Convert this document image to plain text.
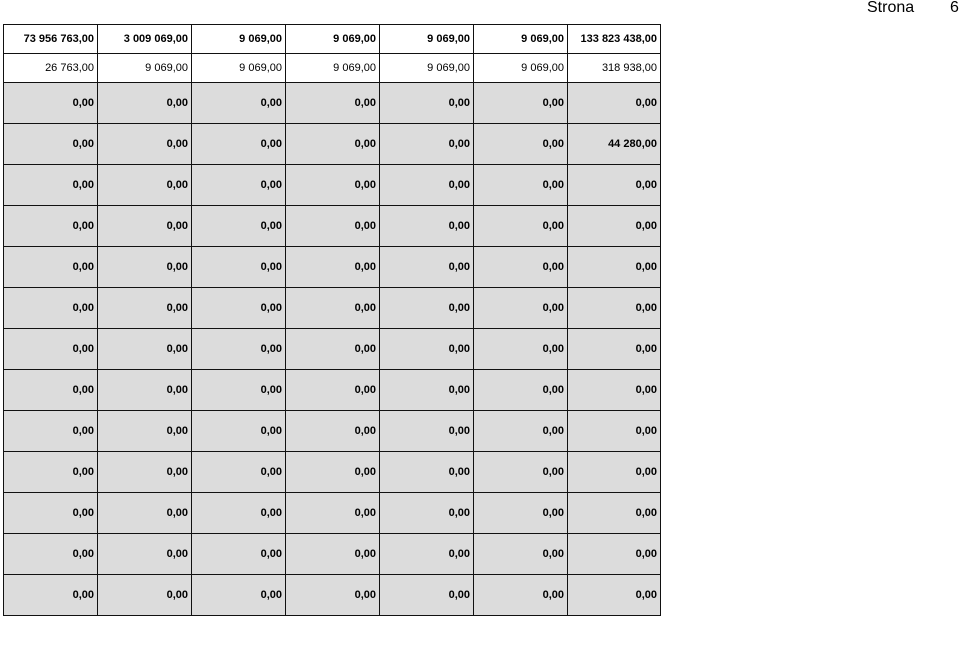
Strona 6
73 956 763,00	3 009 069,00	9 069,00	9 069,00	9 069,00	9 069,00	133 823 438,00
26 763,00	9 069,00	9 069,00	9 069,00	9 069,00	9 069,00	318 938,00
0,00	0,00	0,00	0,00	0,00	0,00	0,00
0,00	0,00	0,00	0,00	0,00	0,00	44 280,00
0,00	0,00	0,00	0,00	0,00	0,00	0,00
0,00	0,00	0,00	0,00	0,00	0,00	0,00
0,00	0,00	0,00	0,00	0,00	0,00	0,00
0,00	0,00	0,00	0,00	0,00	0,00	0,00
0,00	0,00	0,00	0,00	0,00	0,00	0,00
0,00	0,00	0,00	0,00	0,00	0,00	0,00
0,00	0,00	0,00	0,00	0,00	0,00	0,00
0,00	0,00	0,00	0,00	0,00	0,00	0,00
0,00	0,00	0,00	0,00	0,00	0,00	0,00
0,00	0,00	0,00	0,00	0,00	0,00	0,00
0,00	0,00	0,00	0,00	0,00	0,00	0,00
